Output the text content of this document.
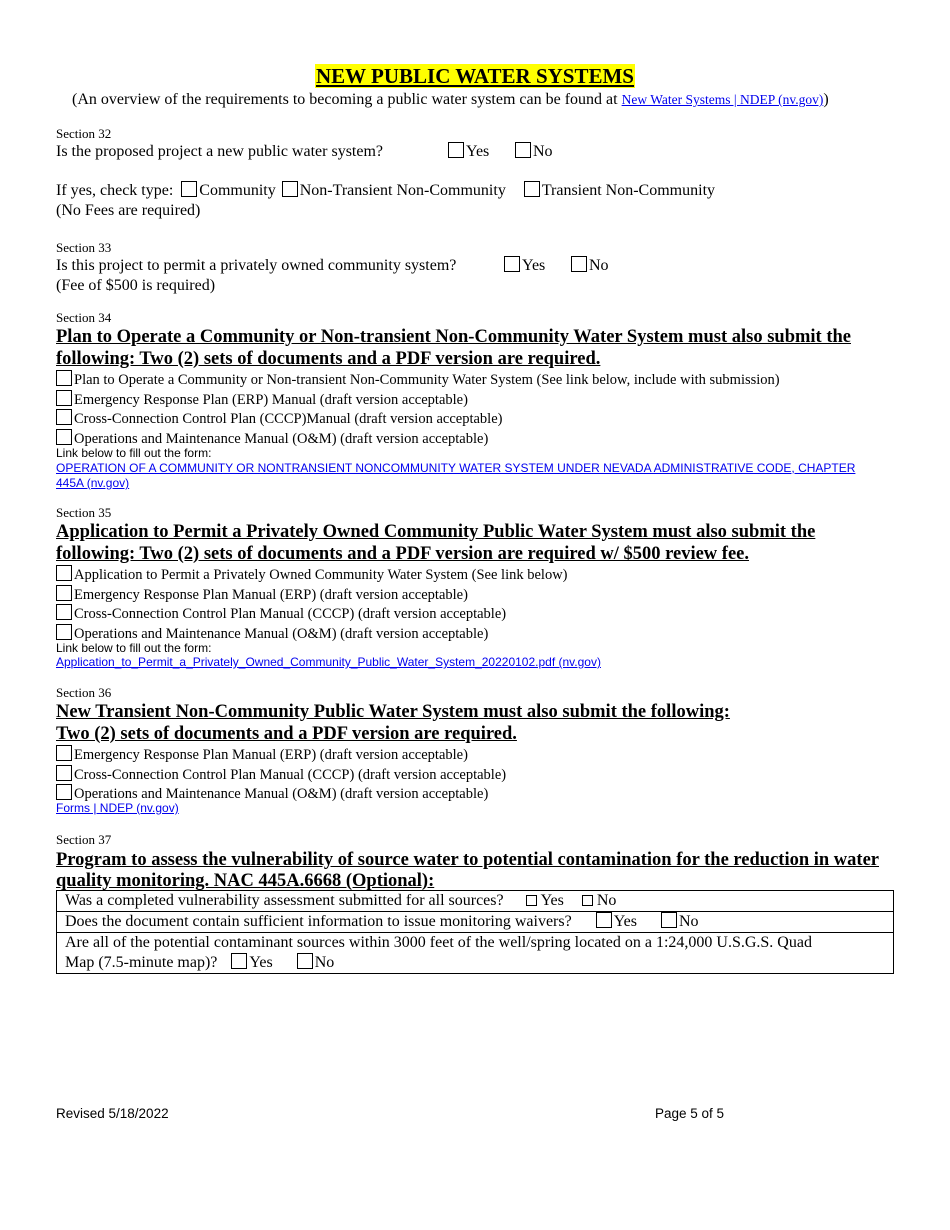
NEW PUBLIC WATER SYSTEMS
(An overview of the requirements to becoming a public water system can be found at New Water Systems | NDEP (nv.gov))
Section 32
Is the proposed project a new public water system?	Yes	No
If yes, check type: Community Non-Transient Non-Community Transient Non-Community
(No Fees are required)
Section 33
Is this project to permit a privately owned community system?	Yes	No
(Fee of $500 is required)
Section 34
Plan to Operate a Community or Non-transient Non-Community Water System must also submit the
following: Two (2) sets of documents and a PDF version are required.
Plan to Operate a Community or Non-transient Non-Community Water System (See link below, include with submission)
Emergency Response Plan (ERP) Manual (draft version acceptable)
Cross-Connection Control Plan (CCCP)Manual (draft version acceptable)
Operations and Maintenance Manual (O&M) (draft version acceptable)
Link below to fill out the form:
OPERATION OF A COMMUNITY OR NONTRANSIENT NONCOMMUNITY WATER SYSTEM UNDER NEVADA ADMINISTRATIVE CODE, CHAPTER
445A (nv.gov)
Section 35
Application to Permit a Privately Owned Community Public Water System must also submit the
following: Two (2) sets of documents and a PDF version are required w/ $500 review fee.
Application to Permit a Privately Owned Community Water System (See link below)
Emergency Response Plan Manual (ERP) (draft version acceptable)
Cross-Connection Control Plan Manual (CCCP) (draft version acceptable)
Operations and Maintenance Manual (O&M) (draft version acceptable)
Link below to fill out the form:
Application_to_Permit_a_Privately_Owned_Community_Public_Water_System_20220102.pdf (nv.gov)
Section 36
New Transient Non-Community Public Water System must also submit the following:
Two (2) sets of documents and a PDF version are required.
Emergency Response Plan Manual (ERP) (draft version acceptable)
Cross-Connection Control Plan Manual (CCCP) (draft version acceptable)
Operations and Maintenance Manual (O&M) (draft version acceptable)
Forms | NDEP (nv.gov)
Section 37
Program to assess the vulnerability of source water to potential contamination for the reduction in water
quality monitoring. NAC 445A.6668 (Optional):
Was a completed vulnerability assessment submitted for all sources? Yes No
Does the document contain sufficient information to issue monitoring waivers?	Yes	No
Are all of the potential contaminant sources within 3000 feet of the well/spring located on a 1:24,000 U.S.G.S. Quad
Map (7.5-minute map)? Yes	No
Revised 5/18/2022	Page 5 of 5
